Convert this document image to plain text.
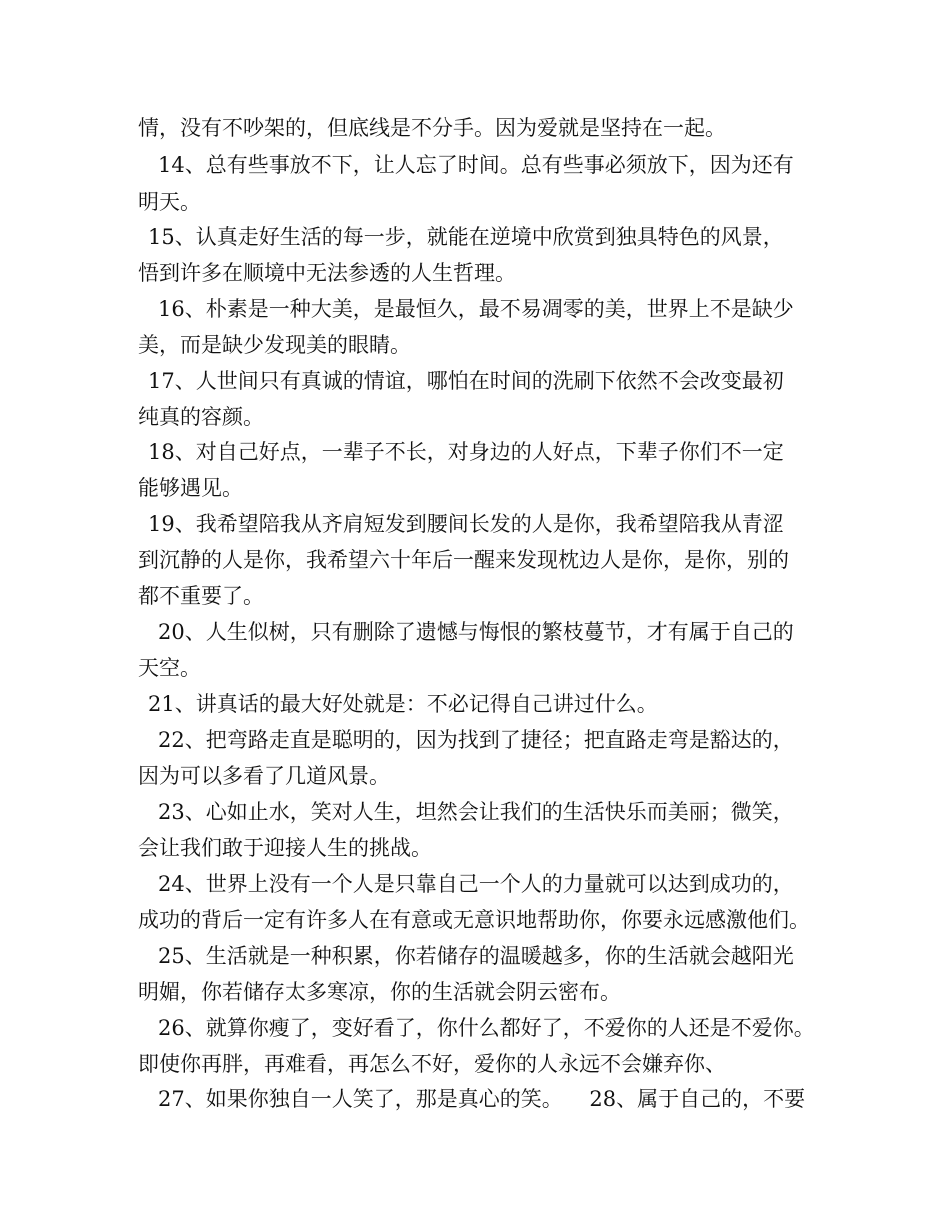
情，没有不吵架的，但底线是不分手。因为爱就是坚持在一起。
14、总有些事放不下，让人忘了时间。总有些事必须放下，因为还有
明天。
15、认真走好生活的每一步，就能在逆境中欣赏到独具特色的风景，
悟到许多在顺境中无法参透的人生哲理。
16、朴素是一种大美，是最恒久，最不易凋零的美，世界上不是缺少
美，而是缺少发现美的眼睛。
17、人世间只有真诚的情谊，哪怕在时间的洗刷下依然不会改变最初
纯真的容颜。
18、对自己好点，一辈子不长，对身边的人好点，下辈子你们不一定
能够遇见。
19、我希望陪我从齐肩短发到腰间长发的人是你，我希望陪我从青涩
到沉静的人是你，我希望六十年后一醒来发现枕边人是你，是你，别的
都不重要了。
20、人生似树，只有删除了遗憾与悔恨的繁枝蔓节，才有属于自己的
天空。
21、讲真话的最大好处就是：不必记得自己讲过什么。
22、把弯路走直是聪明的，因为找到了捷径；把直路走弯是豁达的，
因为可以多看了几道风景。
23、心如止水，笑对人生，坦然会让我们的生活快乐而美丽；微笑，
会让我们敢于迎接人生的挑战。
24、世界上没有一个人是只靠自己一个人的力量就可以达到成功的，
成功的背后一定有许多人在有意或无意识地帮助你，你要永远感激他们。
25、生活就是一种积累，你若储存的温暖越多，你的生活就会越阳光
明媚，你若储存太多寒凉，你的生活就会阴云密布。
26、就算你瘦了，变好看了，你什么都好了，不爱你的人还是不爱你。
即使你再胖，再难看，再怎么不好，爱你的人永远不会嫌弃你、
27、如果你独自一人笑了，那是真心的笑。    28、属于自己的，不要
